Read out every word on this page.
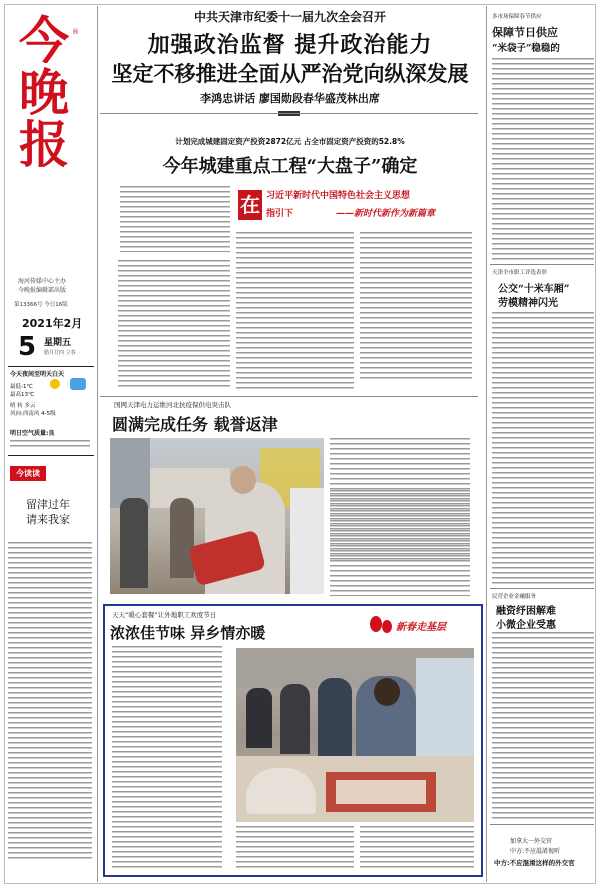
今晚报 ®
海河传媒中心主办
今晚报编辑部出版
第13366号 今日16版
2021年2月
5 星期五
腊月廿四 立春
今天夜间至明天白天
最低-1℃
最高13℃
晴 转 多云
风向:西南风 4-5级
明日空气质量:良
今读读
留津过年
请来我家
中共天津市纪委十一届九次全会召开
加强政治监督 提升政治能力
坚定不移推进全面从严治党向纵深发展
李鸿忠讲话 廖国勋段春华盛茂林出席
计划完成城建固定资产投资2872亿元 占全市固定资产投资的52.8%
今年城建重点工程“大盘子”确定
在 习近平新时代中国特色社会主义思想
指引下	——新时代新作为新篇章
国网天津电力运维河北抗疫保供电突击队
圆满完成任务 载誉返津
天天“暖心套餐”让外地职工欢度节日
浓浓佳节味 异乡情亦暖	新春走基层
多市场保障春节供应
保障节日供应
“米袋子”稳稳的
天津全市职工评选表彰
公交“十米车厢”
劳模精神闪光
民营企业金融服务
融资纾困解难
小微企业受惠
加拿大一外交官
中方:不应混淆视听
中方:不应混淆这样的外交官
